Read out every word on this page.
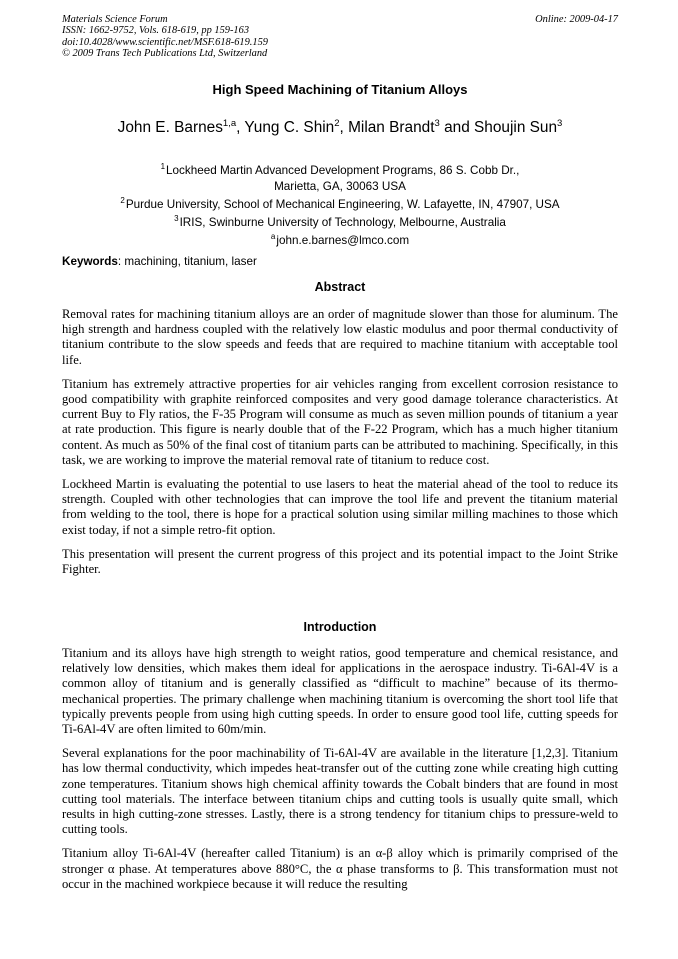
Materials Science Forum
ISSN: 1662-9752, Vols. 618-619, pp 159-163
doi:10.4028/www.scientific.net/MSF.618-619.159
© 2009 Trans Tech Publications Ltd, Switzerland
Online: 2009-04-17
High Speed Machining of Titanium Alloys
John E. Barnes$^{1,a}$, Yung C. Shin$^2$, Milan Brandt$^3$ and Shoujin Sun$^3$
$^1$Lockheed Martin Advanced Development Programs, 86 S. Cobb Dr.,
Marietta, GA, 30063 USA
$^2$Purdue University, School of Mechanical Engineering, W. Lafayette, IN, 47907, USA
$^3$IRIS, Swinburne University of Technology, Melbourne, Australia
$^a$john.e.barnes@lmco.com
Keywords: machining, titanium, laser
Abstract

Removal rates for machining titanium alloys are an order of magnitude slower than those for aluminum. The high strength and hardness coupled with the relatively low elastic modulus and poor thermal conductivity of titanium contribute to the slow speeds and feeds that are required to machine titanium with acceptable tool life.

Titanium has extremely attractive properties for air vehicles ranging from excellent corrosion resistance to good compatibility with graphite reinforced composites and very good damage tolerance characteristics. At current Buy to Fly ratios, the F-35 Program will consume as much as seven million pounds of titanium a year at rate production. This figure is nearly double that of the F-22 Program, which has a much higher titanium content. As much as 50% of the final cost of titanium parts can be attributed to machining. Specifically, in this task, we are working to improve the material removal rate of titanium to reduce cost.

Lockheed Martin is evaluating the potential to use lasers to heat the material ahead of the tool to reduce its strength. Coupled with other technologies that can improve the tool life and prevent the titanium material from welding to the tool, there is hope for a practical solution using similar milling machines to those which exist today, if not a simple retro-fit option.

This presentation will present the current progress of this project and its potential impact to the Joint Strike Fighter.

Introduction

Titanium and its alloys have high strength to weight ratios, good temperature and chemical resistance, and relatively low densities, which makes them ideal for applications in the aerospace industry. Ti-6Al-4V is a common alloy of titanium and is generally classified as “difficult to machine” because of its thermo-mechanical properties. The primary challenge when machining titanium is overcoming the short tool life that typically prevents people from using high cutting speeds. In order to ensure good tool life, cutting speeds for Ti-6Al-4V are often limited to 60m/min.

Several explanations for the poor machinability of Ti-6Al-4V are available in the literature [1,2,3]. Titanium has low thermal conductivity, which impedes heat-transfer out of the cutting zone while creating high cutting zone temperatures. Titanium shows high chemical affinity towards the Cobalt binders that are found in most cutting tool materials. The interface between titanium chips and cutting tools is usually quite small, which results in high cutting-zone stresses. Lastly, there is a strong tendency for titanium chips to pressure-weld to cutting tools.

Titanium alloy Ti-6Al-4V (hereafter called Titanium) is an α-β alloy which is primarily comprised of the stronger α phase. At temperatures above 880°C, the α phase transforms to β. This transformation must not occur in the machined workpiece because it will reduce the resulting
